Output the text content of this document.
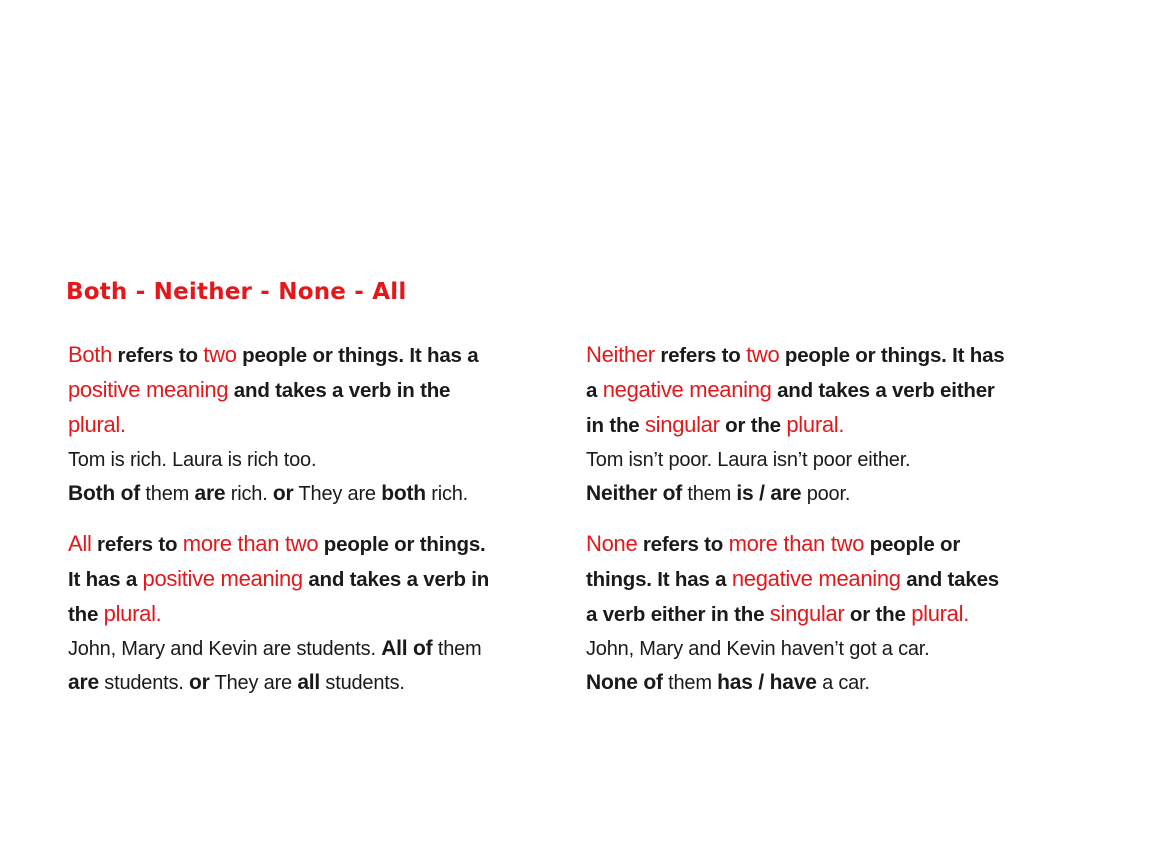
Both - Neither - None - All

Both refers to two people or things. It has a
positive meaning and takes a verb in the
plural.

Tom is rich. Laura is rich too.

Both of them are rich. or They are both rich.

Neither refers to two people or things. It has
a negative meaning and takes a verb either
in the singular or the plural.

Tom isn’t poor. Laura isn’t poor either.

Neither of them is / are poor.

All refers to more than two people or things.
It has a positive meaning and takes a verb in
the plural.

John, Mary and Kevin are students. All of them

are students. or They are all students.

None refers to more than two people or
things. It has a negative meaning and takes
a verb either in the singular or the plural.

John, Mary and Kevin haven’t got a car.

None of them has / have a car.
